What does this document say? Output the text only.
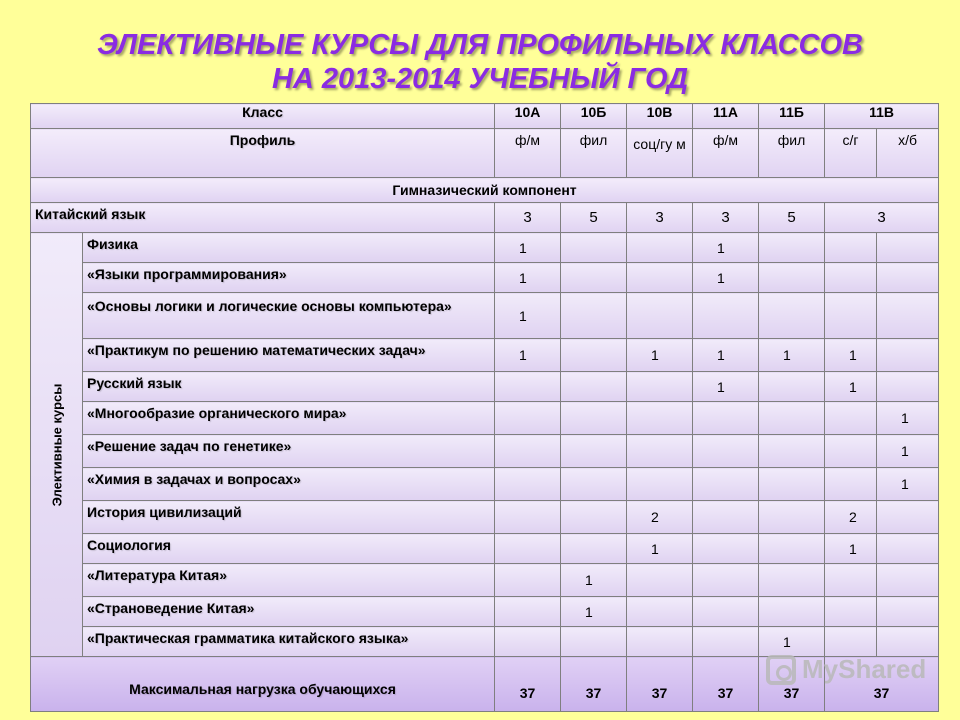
ЭЛЕКТИВНЫЕ КУРСЫ ДЛЯ ПРОФИЛЬНЫХ КЛАССОВ
НА 2013-2014 УЧЕБНЫЙ ГОД
Класс		10А	10Б	10В	11А	11Б	11В	
Профиль		ф/м	фил	соц/гу м	ф/м	фил	с/г	х/б
Гимназический компонент								
Китайский язык		3	5	3	3	5	3	

Элективные курсы	Физика	1			1			
	«Языки программирования»	1			1			
	«Основы логики и логические основы компьютера»	1						
	«Практикум по решению математических задач»	1		1	1	1	1	
	Русский язык				1		1	
	«Многообразие органического мира»							1
	«Решение задач по генетике»							1
	«Химия в задачах и вопросах»							1
	История цивилизаций			2			2	
	Социология			1			1	
	«Литература Китая»		1					
	«Страноведение Китая»		1					
	«Практическая грамматика китайского языка»					1		
Максимальная нагрузка обучающихся		37	37	37	37	37	37	
MyShared
